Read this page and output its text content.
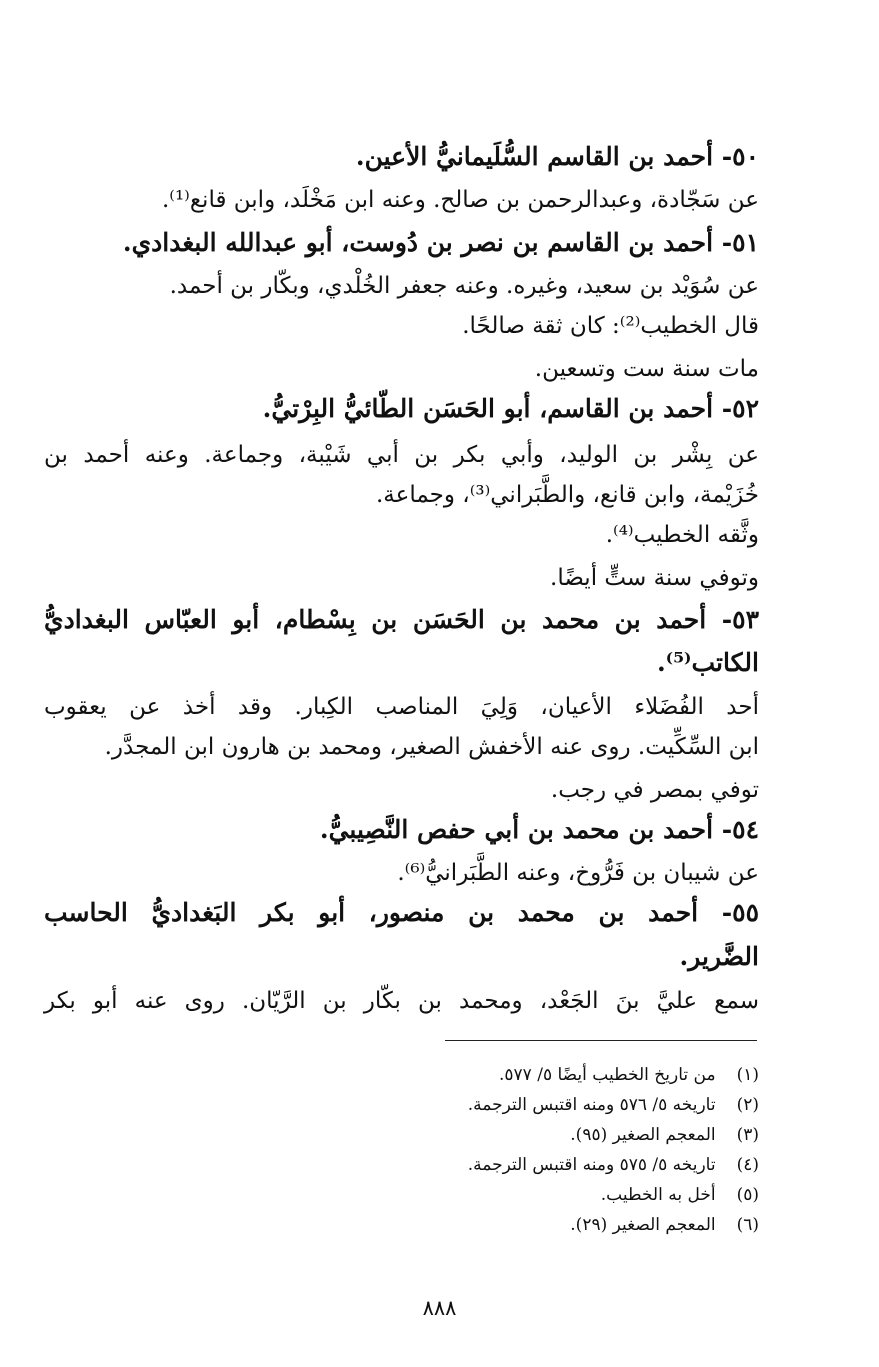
٥٠- أحمد بن القاسم السُّلَيمانيُّ الأعين.
عن سَجّادة، وعبدالرحمن بن صالح. وعنه ابن مَخْلَد، وابن قانع⁽¹⁾.
٥١- أحمد بن القاسم بن نصر بن دُوست، أبو عبدالله البغدادي.
عن سُوَيْد بن سعيد، وغيره. وعنه جعفر الخُلْدي، وبكّار بن أحمد.
قال الخطيب⁽²⁾: كان ثقة صالحًا.
مات سنة ست وتسعين.
٥٢- أحمد بن القاسم، أبو الحَسَن الطّائيُّ البِرْتيُّ.
عن بِشْر بن الوليد، وأبي بكر بن أبي شَيْبة، وجماعة. وعنه أحمد بن
خُزَيْمة، وابن قانع، والطَّبَراني⁽³⁾، وجماعة.
وثَّقه الخطيب⁽⁴⁾.
وتوفي سنة ستٍّ أيضًا.
٥٣- أحمد بن محمد بن الحَسَن بن بِسْطام، أبو العبّاس البغداديُّ
الكاتب⁽⁵⁾.
أحد الفُضَلاء الأعيان، وَلِيَ المناصب الكِبار. وقد أخذ عن يعقوب
ابن السِّكِّيت. روى عنه الأخفش الصغير، ومحمد بن هارون ابن المجدَّر.
توفي بمصر في رجب.
٥٤- أحمد بن محمد بن أبي حفص النَّصِيبيُّ.
عن شيبان بن فَرُّوخ، وعنه الطَّبَرانيُّ⁽⁶⁾.
٥٥- أحمد بن محمد بن منصور، أبو بكر البَغداديُّ الحاسب
الضَّرير.
سمع عليَّ بنَ الجَعْد، ومحمد بن بكّار بن الرَّيّان. روى عنه أبو بكر
(١) من تاريخ الخطيب أيضًا ٥/ ٥٧٧.
(٢) تاريخه ٥/ ٥٧٦ ومنه اقتبس الترجمة.
(٣) المعجم الصغير (٩٥).
(٤) تاريخه ٥/ ٥٧٥ ومنه اقتبس الترجمة.
(٥) أخل به الخطيب.
(٦) المعجم الصغير (٢٩).
٨٨٨
